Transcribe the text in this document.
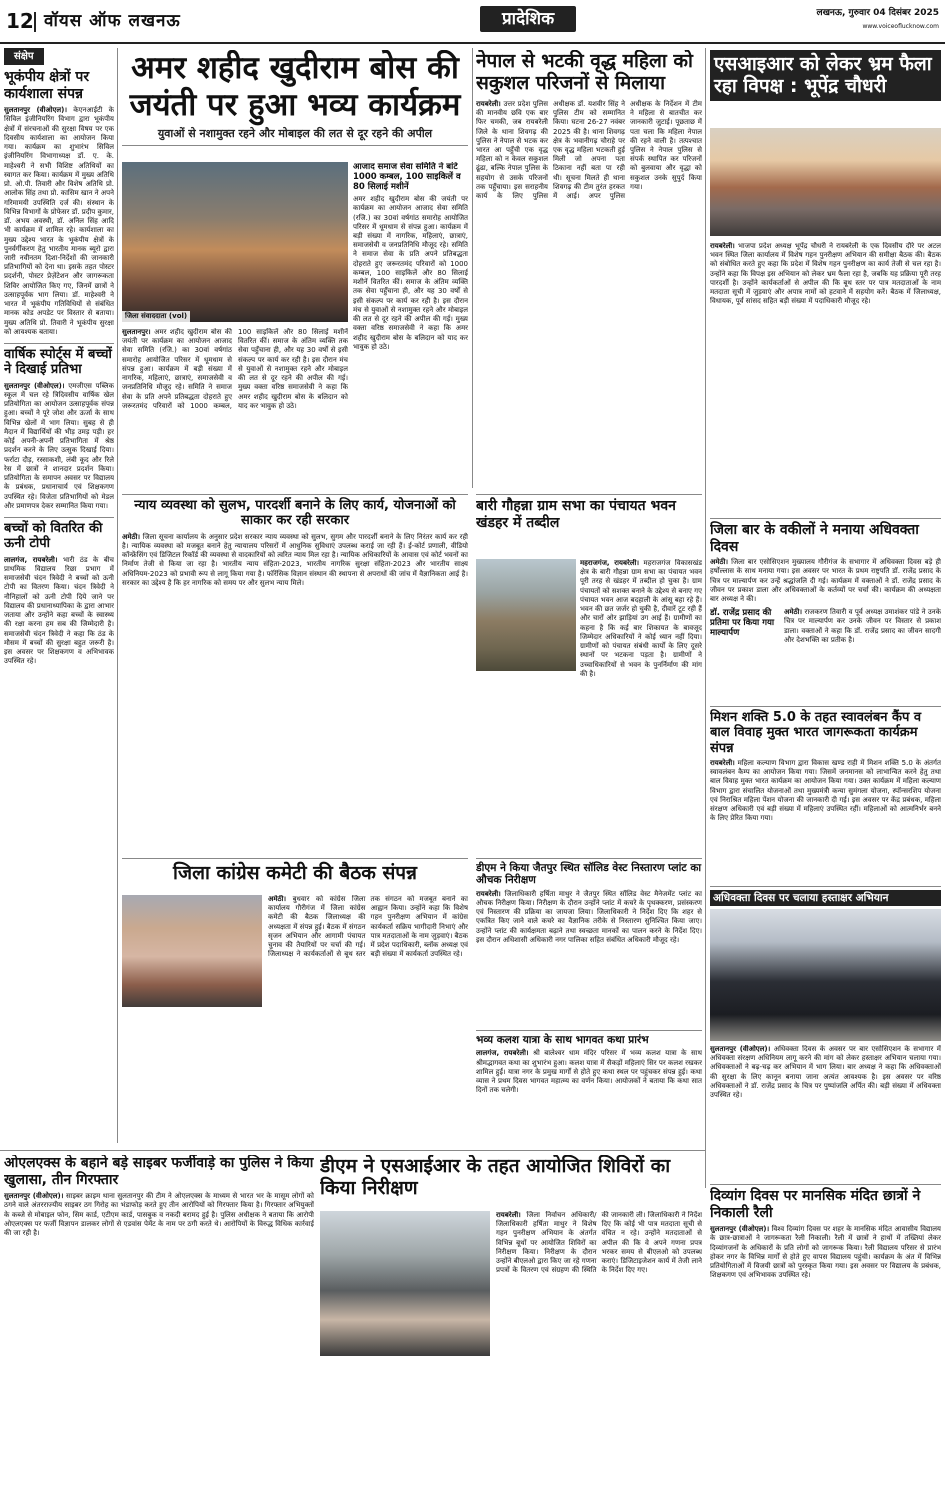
12 वॉयस ऑफ लखनऊ	प्रादेशिक	लखनऊ, गुरुवार 04 दिसंबर 2025
www.voiceoflucknow.com
संक्षेप
भूकंपीय क्षेत्रों पर कार्यशाला संपन्न
सुलतानपुर (वीओएल)। केएनआईटी के सिविल इंजीनियरिंग विभाग द्वारा भूकंपीय क्षेत्रों में संरचनाओं की सुरक्षा विषय पर एक दिवसीय कार्यशाला का आयोजन किया गया। कार्यक्रम का शुभारंभ सिविल इंजीनियरिंग विभागाध्यक्ष डॉ. ए. के. माहेश्वरी ने सभी विशिष्ट अतिथियों का स्वागत कर किया। कार्यक्रम में मुख्य अतिथि प्रो. ओ.पी. तिवारी और विशेष अतिथि प्रो. आलोक सिंह तथा प्रो. कासिम खान ने अपने गरिमामयी उपस्थिति दर्ज की। संस्थान के विभिन्न विभागों के प्रोफेसर डॉ. प्रदीप कुमार, डॉ. अभय अवस्थी, डॉ. अनिल सिंह आदि भी कार्यक्रम में शामिल रहे। कार्यशाला का मुख्य उद्देश्य भारत के भूकंपीय क्षेत्रों के पुनर्वर्गीकरण हेतु भारतीय मानक ब्यूरो द्वारा जारी नवीनतम दिशा-निर्देशों की जानकारी प्रतिभागियों को देना था। इसके तहत पोस्टर प्रदर्शनी, पोस्टर प्रेज़ेंटेशन और जागरूकता शिविर आयोजित किए गए, जिनमें छात्रों ने उत्साहपूर्वक भाग लिया। डॉ. माहेश्वरी ने भारत में भूकंपीय गतिविधियों से संबंधित मानक कोड अपडेट पर विस्तार से बताया। मुख्य अतिथि प्रो. तिवारी ने भूकंपीय सुरक्षा को आवश्यक बताया।
वार्षिक स्पोर्ट्स में बच्चों ने दिखाई प्रतिभा
सुलतानपुर (वीओएल)। एमजीएस पब्लिक स्कूल में चल रहे त्रिदिवसीय वार्षिक खेल प्रतियोगिता का आयोजन उत्साहपूर्वक संपन्न हुआ। बच्चों ने पूरे जोश और ऊर्जा के साथ विभिन्न खेलों में भाग लिया। सुबह से ही मैदान में विद्यार्थियों की भीड़ उमड़ पड़ी। हर कोई अपनी-अपनी प्रतिभागिता में श्रेष्ठ प्रदर्शन करने के लिए उत्सुक दिखाई दिया। फर्राटा दौड़, रस्साकशी, लंबी कूद और रिले रेस में छात्रों ने शानदार प्रदर्शन किया। प्रतियोगिता के समापन अवसर पर विद्यालय के प्रबंधक, प्रधानाचार्य एवं शिक्षकगण उपस्थित रहे। विजेता प्रतिभागियों को मेडल और प्रमाणपत्र देकर सम्मानित किया गया।
बच्चों को वितरित की ऊनी टोपी
लालगंज, रायबरेली। भारी ठंड के बीच प्राथमिक विद्यालय रिछा प्रभाग में समाजसेवी चंदन त्रिवेदी ने बच्चों को ऊनी टोपी का वितरण किया। चंदन त्रिवेदी ने नौनिहालों को ऊनी टोपी दिये जाने पर विद्यालय की प्रधानाध्यापिका के द्वारा आभार जताया और उन्होंने कहा बच्चों के स्वास्थ्य की रक्षा करना हम सब की जिम्मेदारी है। समाजसेवी चंदन त्रिवेदी ने कहा कि ठंड के मौसम में बच्चों की सुरक्षा बहुत जरूरी है। इस अवसर पर शिक्षकगण व अभिभावक उपस्थित रहे।
अमर शहीद खुदीराम बोस की जयंती पर हुआ भव्य कार्यक्रम
युवाओं से नशामुक्त रहने और मोबाइल की लत से दूर रहने की अपील
जिला संवाददाता (vol)
आजाद समाज सेवा समिति ने बांटे 1000 कम्बल, 100 साइकिलें व 80 सिलाई मशीनें
अमर शहीद खुदीराम बोस की जयंती पर कार्यक्रम का आयोजन आजाद सेवा समिति (रजि.) का 30वां वर्षगांठ समारोह आयोजित परिसर में धूमधाम से संपन्न हुआ। कार्यक्रम में बड़ी संख्या में नागरिक, महिलाएं, छात्राएं, समाजसेवी व जनप्रतिनिधि मौजूद रहे। समिति ने समाज सेवा के प्रति अपने प्रतिबद्धता दोहराते हुए जरूरतमंद परिवारों को 1000 कम्बल, 100 साइकिलें और 80 सिलाई मशीनें वितरित कीं। समाज के अंतिम व्यक्ति तक सेवा पहुँचाना ही, और यह 30 वर्षों से इसी संकल्प पर कार्य कर रही है। इस दौरान मंच से युवाओं से नशामुक्त रहने और मोबाइल की लत से दूर रहने की अपील की गई। मुख्य वक्ता वरिष्ठ समाजसेवी ने कहा कि अमर शहीद खुदीराम बोस के बलिदान को याद कर भावुक हो उठे।
सुलतानपुर। अमर शहीद खुदीराम बोस की जयंती पर कार्यक्रम का आयोजन आजाद सेवा समिति (रजि.) का 30वां वर्षगांठ समारोह आयोजित परिसर में धूमधाम से संपन्न हुआ। कार्यक्रम में बड़ी संख्या में नागरिक, महिलाएं, छात्राएं, समाजसेवी व जनप्रतिनिधि मौजूद रहे। समिति ने समाज सेवा के प्रति अपने प्रतिबद्धता दोहराते हुए जरूरतमंद परिवारों को 1000 कम्बल, 100 साइकिलें और 80 सिलाई मशीनें वितरित कीं। समाज के अंतिम व्यक्ति तक सेवा पहुँचाना ही, और यह 30 वर्षों से इसी संकल्प पर कार्य कर रही है। इस दौरान मंच से युवाओं से नशामुक्त रहने और मोबाइल की लत से दूर रहने की अपील की गई। मुख्य वक्ता वरिष्ठ समाजसेवी ने कहा कि अमर शहीद खुदीराम बोस के बलिदान को याद कर भावुक हो उठे।
नेपाल से भटकी वृद्ध महिला को सकुशल परिजनों से मिलाया
रायबरेली। उत्तर प्रदेश पुलिस की मानवीय छवि एक बार फिर चमकी, जब रायबरेली जिले के थाना शिवगढ़ की पुलिस ने नेपाल से भटक कर भारत आ पहुँची एक वृद्ध महिला को न केवल सकुशल ढूंढा, बल्कि नेपाल पुलिस के सहयोग से उसके परिजनों तक पहुँचाया। इस सराहनीय कार्य के लिए पुलिस अधीक्षक डॉ. यशवीर सिंह ने पुलिस टीम को सम्मानित किया। घटना 26-27 नवंबर 2025 की है। थाना शिवगढ़ क्षेत्र के भवानीगढ़ चौराहे पर एक वृद्ध महिला भटकती हुई मिली जो अपना पता ठिकाना नहीं बता पा रही थी। सूचना मिलते ही थाना शिवगढ़ की टीम तुरंत हरकत में आई। अपर पुलिस अधीक्षक के निर्देशन में टीम ने महिला से बातचीत कर जानकारी जुटाई। पूछताछ में पता चला कि महिला नेपाल की रहने वाली है। तत्पश्चात पुलिस ने नेपाल पुलिस से संपर्क स्थापित कर परिजनों को बुलवाया और वृद्धा को सकुशल उनके सुपुर्द किया गया।
एसआइआर को लेकर भ्रम फैला रहा विपक्ष : भूपेंद्र चौधरी
रायबरेली। भाजपा प्रदेश अध्यक्ष भूपेंद्र चौधरी ने रायबरेली के एक दिवसीय दौरे पर अटल भवन स्थित जिला कार्यालय में विशेष गहन पुनरीक्षण अभियान की समीक्षा बैठक की। बैठक को संबोधित करते हुए कहा कि प्रदेश में विशेष गहन पुनरीक्षण का कार्य तेजी से चल रहा है। उन्होंने कहा कि विपक्ष इस अभियान को लेकर भ्रम फैला रहा है, जबकि यह प्रक्रिया पूरी तरह पारदर्शी है। उन्होंने कार्यकर्ताओं से अपील की कि बूथ स्तर पर पात्र मतदाताओं के नाम मतदाता सूची में जुड़वाएं और अपात्र नामों को हटवाने में सहयोग करें। बैठक में जिलाध्यक्ष, विधायक, पूर्व सांसद सहित बड़ी संख्या में पदाधिकारी मौजूद रहे।
जिला बार के वकीलों ने मनाया अधिवक्ता दिवस
अमेठी। जिला बार एसोसिएशन मुख्यालय गौरीगंज के सभागार में अधिवक्ता दिवस बड़े ही हर्षोल्लास के साथ मनाया गया। इस अवसर पर भारत के प्रथम राष्ट्रपति डॉ. राजेंद्र प्रसाद के चित्र पर माल्यार्पण कर उन्हें श्रद्धांजलि दी गई। कार्यक्रम में वक्ताओं ने डॉ. राजेंद्र प्रसाद के जीवन पर प्रकाश डाला और अधिवक्ताओं के कर्तव्यों पर चर्चा की। कार्यक्रम की अध्यक्षता बार अध्यक्ष ने की।
डॉ. राजेंद्र प्रसाद की प्रतिमा पर किया गया माल्यार्पण
अमेठी। राजकरण तिवारी व पूर्व अध्यक्ष उमाशंकर पांडे ने उनके चित्र पर माल्यार्पण कर उनके जीवन पर विस्तार से प्रकाश डाला। वक्ताओं ने कहा कि डॉ. राजेंद्र प्रसाद का जीवन सादगी और देशभक्ति का प्रतीक है।
मिशन शक्ति 5.0 के तहत स्वावलंबन कैंप व बाल विवाह मुक्त भारत जागरूकता कार्यक्रम संपन्न
रायबरेली। महिला कल्याण विभाग द्वारा विकास खण्ड राही में मिशन शक्ति 5.0 के अंतर्गत स्वावलंबन कैम्प का आयोजन किया गया। जिसमें जनमानस को लाभान्वित करने हेतु तथा बाल विवाह मुक्त भारत कार्यक्रम का आयोजन किया गया। उक्त कार्यक्रम में महिला कल्याण विभाग द्वारा संचालित योजनाओं तथा मुख्यमंत्री कन्या सुमंगला योजना, स्पॉन्सरशिप योजना एवं निराश्रित महिला पेंशन योजना की जानकारी दी गई। इस अवसर पर केंद्र प्रबंधक, महिला संरक्षण अधिकारी एवं बड़ी संख्या में महिलाएं उपस्थित रहीं। महिलाओं को आत्मनिर्भर बनने के लिए प्रेरित किया गया।
अधिवक्ता दिवस पर चलाया हस्ताक्षर अभियान
सुलतानपुर (वीओएल)। अधिवक्ता दिवस के अवसर पर बार एसोसिएशन के सभागार में अधिवक्ता संरक्षण अधिनियम लागू करने की मांग को लेकर हस्ताक्षर अभियान चलाया गया। अधिवक्ताओं ने बढ़-चढ़ कर अभियान में भाग लिया। बार अध्यक्ष ने कहा कि अधिवक्ताओं की सुरक्षा के लिए कानून बनाया जाना अत्यंत आवश्यक है। इस अवसर पर वरिष्ठ अधिवक्ताओं ने डॉ. राजेंद्र प्रसाद के चित्र पर पुष्पांजलि अर्पित की। बड़ी संख्या में अधिवक्ता उपस्थित रहे।
न्याय व्यवस्था को सुलभ, पारदर्शी बनाने के लिए कार्य, योजनाओं को साकार कर रही सरकार
अमेठी। जिला सूचना कार्यालय के अनुसार प्रदेश सरकार न्याय व्यवस्था को सुलभ, सुगम और पारदर्शी बनाने के लिए निरंतर कार्य कर रही है। न्यायिक व्यवस्था को मजबूत बनाने हेतु न्यायालय परिसरों में आधुनिक सुविधाएं उपलब्ध कराई जा रही हैं। ई-कोर्ट प्रणाली, वीडियो कॉन्फ्रेंसिंग एवं डिजिटल रिकॉर्ड की व्यवस्था से वादकारियों को त्वरित न्याय मिल रहा है। न्यायिक अधिकारियों के आवास एवं कोर्ट भवनों का निर्माण तेजी से किया जा रहा है। भारतीय न्याय संहिता-2023, भारतीय नागरिक सुरक्षा संहिता-2023 और भारतीय साक्ष्य अधिनियम-2023 को प्रभावी रूप से लागू किया गया है। फॉरेंसिक विज्ञान संस्थान की स्थापना से अपराधों की जांच में वैज्ञानिकता आई है। सरकार का उद्देश्य है कि हर नागरिक को समय पर और सुलभ न्याय मिले।
बारी गौहन्ना ग्राम सभा का पंचायत भवन खंडहर में तब्दील
महराजगंज, रायबरेली। महराजगंज विकासखंड क्षेत्र के बारी गौहन्ना ग्राम सभा का पंचायत भवन पूरी तरह से खंडहर में तब्दील हो चुका है। ग्राम पंचायतों को सशक्त बनाने के उद्देश्य से बनाए गए पंचायत भवन आज बदहाली के आंसू बहा रहे हैं। भवन की छत जर्जर हो चुकी है, दीवारें टूट रही हैं और चारों ओर झाड़ियां उग आई हैं। ग्रामीणों का कहना है कि कई बार शिकायत के बावजूद जिम्मेदार अधिकारियों ने कोई ध्यान नहीं दिया। ग्रामीणों को पंचायत संबंधी कार्यों के लिए दूसरे स्थानों पर भटकना पड़ता है। ग्रामीणों ने उच्चाधिकारियों से भवन के पुनर्निर्माण की मांग की है।
जिला कांग्रेस कमेटी की बैठक संपन्न
अमेठी। बुधवार को कांग्रेस जिला कार्यालय गौरीगंज में जिला कांग्रेस कमेटी की बैठक जिलाध्यक्ष की अध्यक्षता में संपन्न हुई। बैठक में संगठन सृजन अभियान और आगामी पंचायत चुनाव की तैयारियों पर चर्चा की गई। जिलाध्यक्ष ने कार्यकर्ताओं से बूथ स्तर तक संगठन को मजबूत बनाने का आह्वान किया। उन्होंने कहा कि विशेष गहन पुनरीक्षण अभियान में कांग्रेस कार्यकर्ता सक्रिय भागीदारी निभाएं और पात्र मतदाताओं के नाम जुड़वाएं। बैठक में प्रदेश पदाधिकारी, ब्लॉक अध्यक्ष एवं बड़ी संख्या में कार्यकर्ता उपस्थित रहे।
डीएम ने किया जैतपुर स्थित सॉलिड वेस्ट निस्तारण प्लांट का औचक निरीक्षण
रायबरेली। जिलाधिकारी हर्षिता माथुर ने जैतपुर स्थित सॉलिड वेस्ट मैनेजमेंट प्लांट का औचक निरीक्षण किया। निरीक्षण के दौरान उन्होंने प्लांट में कचरे के पृथक्करण, प्रसंस्करण एवं निस्तारण की प्रक्रिया का जायजा लिया। जिलाधिकारी ने निर्देश दिए कि शहर से एकत्रित किए जाने वाले कचरे का वैज्ञानिक तरीके से निस्तारण सुनिश्चित किया जाए। उन्होंने प्लांट की कार्यक्षमता बढ़ाने तथा स्वच्छता मानकों का पालन करने के निर्देश दिए। इस दौरान अधिशासी अधिकारी नगर पालिका सहित संबंधित अधिकारी मौजूद रहे।
भव्य कलश यात्रा के साथ भागवत कथा प्रारंभ
लालगंज, रायबरेली। श्री बालेश्वर धाम मंदिर परिसर में भव्य कलश यात्रा के साथ श्रीमद्भागवत कथा का शुभारंभ हुआ। कलश यात्रा में सैकड़ों महिलाएं सिर पर कलश रखकर शामिल हुईं। यात्रा नगर के प्रमुख मार्गों से होते हुए कथा स्थल पर पहुंचकर संपन्न हुई। कथा व्यास ने प्रथम दिवस भागवत महात्म्य का वर्णन किया। आयोजकों ने बताया कि कथा सात दिनों तक चलेगी।
ओएलएक्स के बहाने बड़े साइबर फर्जीवाड़े का पुलिस ने किया खुलासा, तीन गिरफ्तार
सुलतानपुर (वीओएल)। साइबर क्राइम थाना सुलतानपुर की टीम ने ओएलएक्स के माध्यम से भारत भर के मासूम लोगों को ठगने वाले अंतरराज्यीय साइबर ठग गिरोह का भंडाफोड़ करते हुए तीन आरोपियों को गिरफ्तार किया है। गिरफ्तार अभियुक्तों के कब्जे से मोबाइल फोन, सिम कार्ड, एटीएम कार्ड, पासबुक व नकदी बरामद हुई है। पुलिस अधीक्षक ने बताया कि आरोपी ओएलएक्स पर फर्जी विज्ञापन डालकर लोगों से एडवांस पेमेंट के नाम पर ठगी करते थे। आरोपियों के विरुद्ध विधिक कार्रवाई की जा रही है।
डीएम ने एसआईआर के तहत आयोजित शिविरों का किया निरीक्षण
रायबरेली। जिला निर्वाचन अधिकारी/जिलाधिकारी हर्षिता माथुर ने विशेष गहन पुनरीक्षण अभियान के अंतर्गत विभिन्न बूथों पर आयोजित शिविरों का निरीक्षण किया। निरीक्षण के दौरान उन्होंने बीएलओ द्वारा किए जा रहे गणना प्रपत्रों के वितरण एवं संग्रहण की स्थिति की जानकारी ली। जिलाधिकारी ने निर्देश दिए कि कोई भी पात्र मतदाता सूची से वंचित न रहे। उन्होंने मतदाताओं से अपील की कि वे अपने गणना प्रपत्र भरकर समय से बीएलओ को उपलब्ध कराएं। डिजिटाइजेशन कार्य में तेजी लाने के निर्देश दिए गए।
दिव्यांग दिवस पर मानसिक मंदित छात्रों ने निकाली रैली
सुलतानपुर (वीओएल)। विश्व दिव्यांग दिवस पर शहर के मानसिक मंदित आवासीय विद्यालय के छात्र-छात्राओं ने जागरूकता रैली निकाली। रैली में छात्रों ने हाथों में तख्तियां लेकर दिव्यांगजनों के अधिकारों के प्रति लोगों को जागरूक किया। रैली विद्यालय परिसर से प्रारंभ होकर नगर के विभिन्न मार्गों से होते हुए वापस विद्यालय पहुंची। कार्यक्रम के अंत में विभिन्न प्रतियोगिताओं में विजयी छात्रों को पुरस्कृत किया गया। इस अवसर पर विद्यालय के प्रबंधक, शिक्षकगण एवं अभिभावक उपस्थित रहे।
